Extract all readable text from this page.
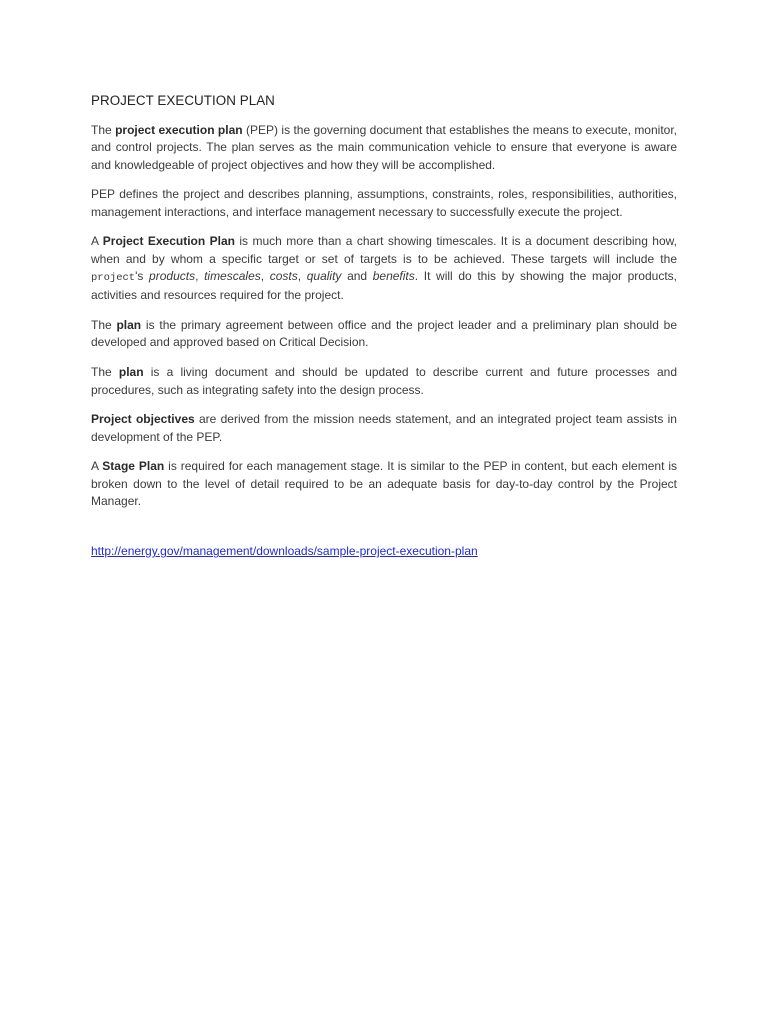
PROJECT EXECUTION PLAN

The project execution plan (PEP) is the governing document that establishes the means to execute, monitor, and control projects. The plan serves as the main communication vehicle to ensure that everyone is aware and knowledgeable of project objectives and how they will be accomplished.

PEP defines the project and describes planning, assumptions, constraints, roles, responsibilities, authorities, management interactions, and interface management necessary to successfully execute the project.

A Project Execution Plan is much more than a chart showing timescales. It is a document describing how, when and by whom a specific target or set of targets is to be achieved. These targets will include the project's products, timescales, costs, quality and benefits. It will do this by showing the major products, activities and resources required for the project.

The plan is the primary agreement between office and the project leader and a preliminary plan should be developed and approved based on Critical Decision.

The plan is a living document and should be updated to describe current and future processes and procedures, such as integrating safety into the design process.

Project objectives are derived from the mission needs statement, and an integrated project team assists in development of the PEP.

A Stage Plan is required for each management stage. It is similar to the PEP in content, but each element is broken down to the level of detail required to be an adequate basis for day-to-day control by the Project Manager.

http://energy.gov/management/downloads/sample-project-execution-plan
